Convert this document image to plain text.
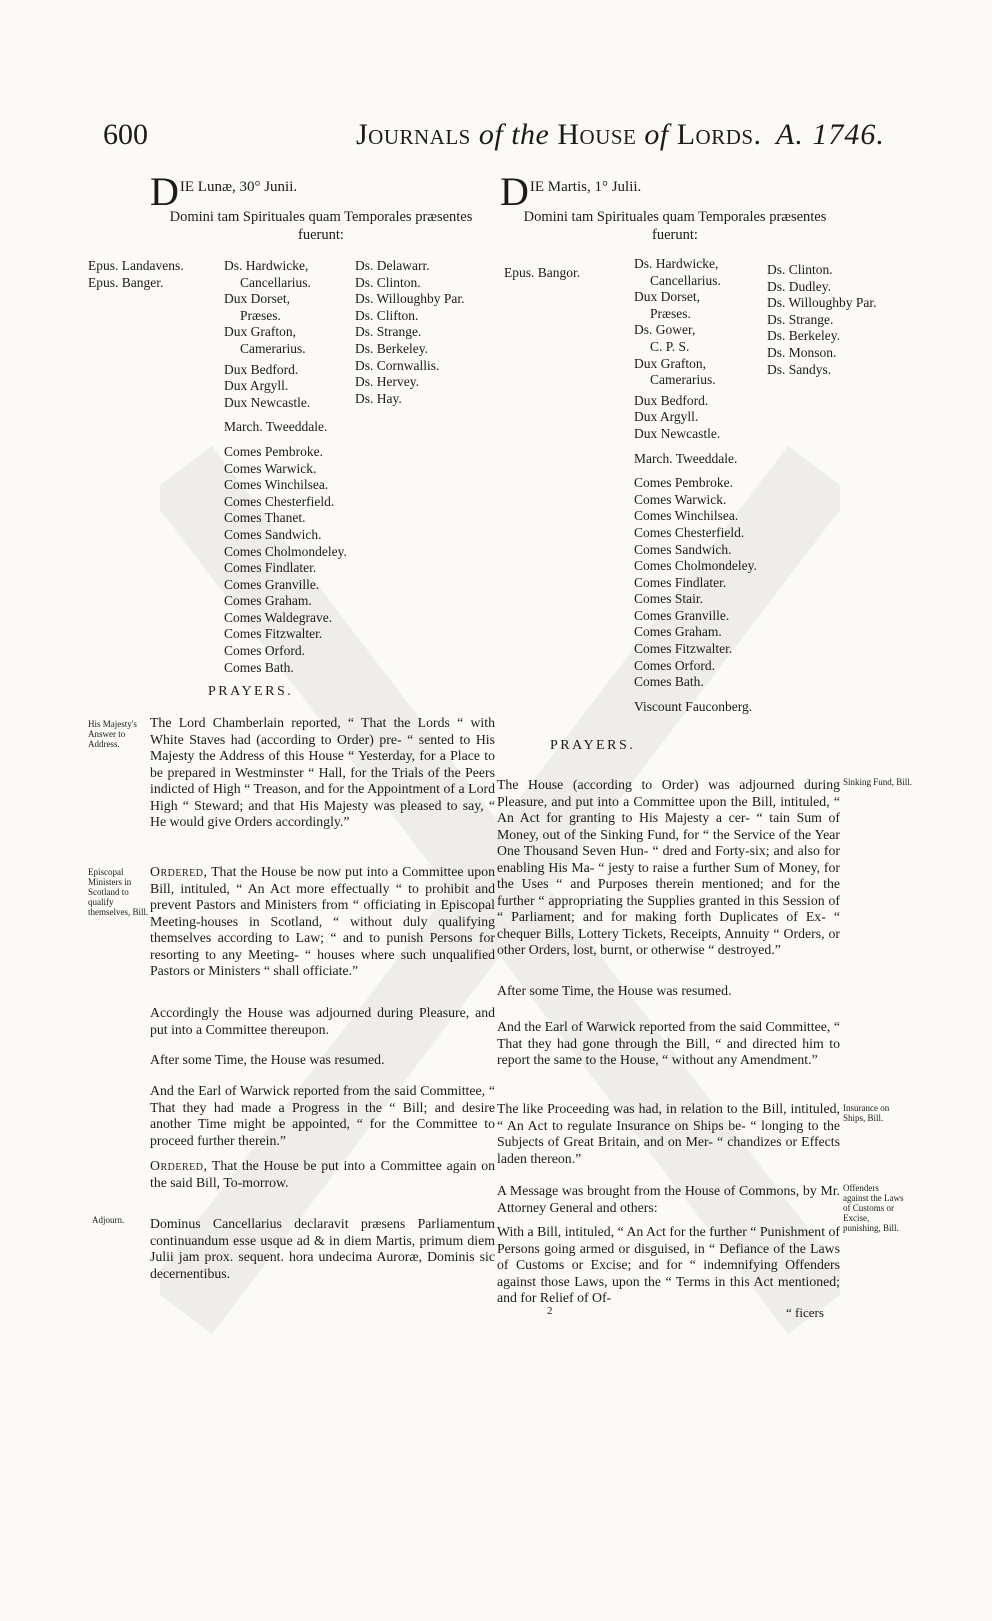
600	Journals of the House of Lords. A. 1746.
DIE Lunæ, 30° Junii.
Domini tam Spirituales quam Temporales præsentes fuerunt:
Epus. Landavens.
Epus. Banger.
Ds. Hardwicke,
Cancellarius.
Dux Dorset,
Præses.
Dux Grafton,
Camerarius.
Dux Bedford.
Dux Argyll.
Dux Newcastle.
March. Tweeddale.
Comes Pembroke.
Comes Warwick.
Comes Winchilsea.
Comes Chesterfield.
Comes Thanet.
Comes Sandwich.
Comes Cholmondeley.
Comes Findlater.
Comes Granville.
Comes Graham.
Comes Waldegrave.
Comes Fitzwalter.
Comes Orford.
Comes Bath.
Ds. Delawarr.
Ds. Clinton.
Ds. Willoughby Par.
Ds. Clifton.
Ds. Strange.
Ds. Berkeley.
Ds. Cornwallis.
Ds. Hervey.
Ds. Hay.
PRAYERS.
His Majesty's Answer to Address.

The Lord Chamberlain reported, “ That the Lords “ with White Staves had (according to Order) pre- “ sented to His Majesty the Address of this House “ Yesterday, for a Place to be prepared in Westminster “ Hall, for the Trials of the Peers indicted of High “ Treason, and for the Appointment of a Lord High “ Steward; and that His Majesty was pleased to say, “ He would give Orders accordingly.”

Episcopal Ministers in Scotland to qualify themselves, Bill.

Ordered, That the House be now put into a Committee upon Bill, intituled, “ An Act more effectually “ to prohibit and prevent Pastors and Ministers from “ officiating in Episcopal Meeting-houses in Scotland, “ without duly qualifying themselves according to Law; “ and to punish Persons for resorting to any Meeting- “ houses where such unqualified Pastors or Ministers “ shall officiate.”

Accordingly the House was adjourned during Pleasure, and put into a Committee thereupon.

After some Time, the House was resumed.

And the Earl of Warwick reported from the said Committee, “ That they had made a Progress in the “ Bill; and desire another Time might be appointed, “ for the Committee to proceed further therein.”

Ordered, That the House be put into a Committee again on the said Bill, To-morrow.

Adjourn.	Dominus Cancellarius declaravit præsens Parliamentum continuandum esse usque ad & in diem Martis, primum diem Julii jam prox. sequent. hora undecima Auroræ, Dominis sic decernentibus.

DIE Martis, 1° Julii.
Domini tam Spirituales quam Temporales præsentes fuerunt:
Epus. Bangor.
Ds. Hardwicke,
Cancellarius.
Dux Dorset,
Præses.
Ds. Gower,
C. P. S.
Dux Grafton,
Camerarius.
Dux Bedford.
Dux Argyll.
Dux Newcastle.
March. Tweeddale.
Comes Pembroke.
Comes Warwick.
Comes Winchilsea.
Comes Chesterfield.
Comes Sandwich.
Comes Cholmondeley.
Comes Findlater.
Comes Stair.
Comes Granville.
Comes Graham.
Comes Fitzwalter.
Comes Orford.
Comes Bath.
Viscount Fauconberg.
Ds. Clinton.
Ds. Dudley.
Ds. Willoughby Par.
Ds. Strange.
Ds. Berkeley.
Ds. Monson.
Ds. Sandys.
PRAYERS.

The House (according to Order) was adjourned during Pleasure, and put into a Committee upon the Bill, intituled, “ An Act for granting to His Majesty a cer- “ tain Sum of Money, out of the Sinking Fund, for “ the Service of the Year One Thousand Seven Hun- “ dred and Forty-six; and also for enabling His Ma- “ jesty to raise a further Sum of Money, for the Uses “ and Purposes therein mentioned; and for the further “ appropriating the Supplies granted in this Session of “ Parliament; and for making forth Duplicates of Ex- “ chequer Bills, Lottery Tickets, Receipts, Annuity “ Orders, or other Orders, lost, burnt, or otherwise “ destroyed.”

Sinking Fund, Bill.

After some Time, the House was resumed.

And the Earl of Warwick reported from the said Committee, “ That they had gone through the Bill, “ and directed him to report the same to the House, “ without any Amendment.”

The like Proceeding was had, in relation to the Bill, intituled, “ An Act to regulate Insurance on Ships be- “ longing to the Subjects of Great Britain, and on Mer- “ chandizes or Effects laden thereon.”

Insurance on Ships, Bill.

A Message was brought from the House of Commons, by Mr. Attorney General and others:

Offenders against the Laws of Customs or Excise, punishing, Bill.

With a Bill, intituled, “ An Act for the further “ Punishment of Persons going armed or disguised, in “ Defiance of the Laws of Customs or Excise; and for “ indemnifying Offenders against those Laws, upon the “ Terms in this Act mentioned; and for Relief of Of-

2	“ ficers
